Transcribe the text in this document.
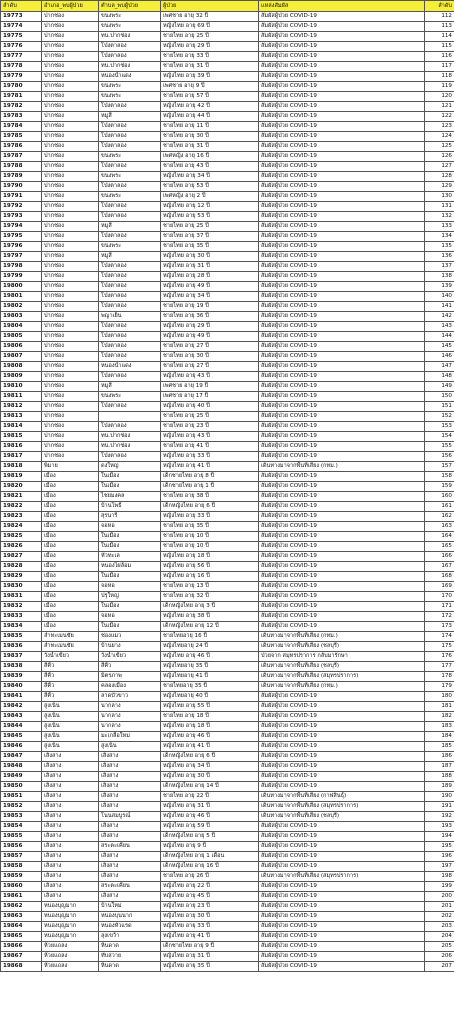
ลำดับ	อำเภอ_พบผู้ป่วย	ตำบล_พบผู้ป่วย	ผู้ป่วย	แหล่งสัมผัส	ลำดับ
19773	ปากช่อง	ขนงพระ	เพศชาย อายุ 32 ปี	สัมผัสผู้ป่วย COVID-19	112
19774	ปากช่อง	ขนงพระ	หญิงไทย อายุ 69 ปี	สัมผัสผู้ป่วย COVID-19	113
19775	ปากช่อง	ทน.ปากช่อง	ชายไทย อายุ 25 ปี	สัมผัสผู้ป่วย COVID-19	114
19776	ปากช่อง	โป่งตาลอง	หญิงไทย อายุ 29 ปี	สัมผัสผู้ป่วย COVID-19	115
19777	ปากช่อง	โป่งตาลอง	ชายไทย อายุ 33 ปี	สัมผัสผู้ป่วย COVID-19	116
19778	ปากช่อง	ทน.ปากช่อง	ชายไทย อายุ 31 ปี	สัมผัสผู้ป่วย COVID-19	117
19779	ปากช่อง	หนองน้ำแดง	หญิงไทย อายุ 39 ปี	สัมผัสผู้ป่วย COVID-19	118
19780	ปากช่อง	ขนงพระ	เพศชาย อายุ 9 ปี	สัมผัสผู้ป่วย COVID-19	119
19781	ปากช่อง	ขนงพระ	ชายไทย อายุ 57 ปี	สัมผัสผู้ป่วย COVID-19	120
19782	ปากช่อง	โป่งตาลอง	หญิงไทย อายุ 42 ปี	สัมผัสผู้ป่วย COVID-19	121
19783	ปากช่อง	หมูสี	หญิงไทย อายุ 44 ปี	สัมผัสผู้ป่วย COVID-19	122
19784	ปากช่อง	โป่งตาลอง	ชายไทย อายุ 11 ปี	สัมผัสผู้ป่วย COVID-19	123
19785	ปากช่อง	โป่งตาลอง	ชายไทย อายุ 30 ปี	สัมผัสผู้ป่วย COVID-19	124
19786	ปากช่อง	โป่งตาลอง	ชายไทย อายุ 31 ปี	สัมผัสผู้ป่วย COVID-19	125
19787	ปากช่อง	ขนงพระ	เพศหญิง อายุ 16 ปี	สัมผัสผู้ป่วย COVID-19	126
19788	ปากช่อง	โป่งตาลอง	ชายไทย อายุ 43 ปี	สัมผัสผู้ป่วย COVID-19	127
19789	ปากช่อง	ขนงพระ	หญิงไทย อายุ 34 ปี	สัมผัสผู้ป่วย COVID-19	128
19790	ปากช่อง	โป่งตาลอง	ชายไทย อายุ 53 ปี	สัมผัสผู้ป่วย COVID-19	129
19791	ปากช่อง	ขนงพระ	เพศหญิง อายุ 2 ปี	สัมผัสผู้ป่วย COVID-19	130
19792	ปากช่อง	โป่งตาลอง	หญิงไทย อายุ 12 ปี	สัมผัสผู้ป่วย COVID-19	131
19793	ปากช่อง	โป่งตาลอง	หญิงไทย อายุ 53 ปี	สัมผัสผู้ป่วย COVID-19	132
19794	ปากช่อง	หมูสี	ชายไทย อายุ 25 ปี	สัมผัสผู้ป่วย COVID-19	133
19795	ปากช่อง	โป่งตาลอง	ชายไทย อายุ 37 ปี	สัมผัสผู้ป่วย COVID-19	134
19796	ปากช่อง	ขนงพระ	ชายไทย อายุ 35 ปี	สัมผัสผู้ป่วย COVID-19	135
19797	ปากช่อง	หมูสี	หญิงไทย อายุ 30 ปี	สัมผัสผู้ป่วย COVID-19	136
19798	ปากช่อง	โป่งตาลอง	หญิงไทย อายุ 31 ปี	สัมผัสผู้ป่วย COVID-19	137
19799	ปากช่อง	โป่งตาลอง	หญิงไทย อายุ 28 ปี	สัมผัสผู้ป่วย COVID-19	138
19800	ปากช่อง	โป่งตาลอง	หญิงไทย อายุ 49 ปี	สัมผัสผู้ป่วย COVID-19	139
19801	ปากช่อง	โป่งตาลอง	หญิงไทย อายุ 34 ปี	สัมผัสผู้ป่วย COVID-19	140
19802	ปากช่อง	โป่งตาลอง	ชายไทย อายุ 19 ปี	สัมผัสผู้ป่วย COVID-19	141
19803	ปากช่อง	พญาเย็น	ชายไทย อายุ 36 ปี	สัมผัสผู้ป่วย COVID-19	142
19804	ปากช่อง	โป่งตาลอง	หญิงไทย อายุ 29 ปี	สัมผัสผู้ป่วย COVID-19	143
19805	ปากช่อง	โป่งตาลอง	หญิงไทย อายุ 49 ปี	สัมผัสผู้ป่วย COVID-19	144
19806	ปากช่อง	โป่งตาลอง	ชายไทย อายุ 27 ปี	สัมผัสผู้ป่วย COVID-19	145
19807	ปากช่อง	โป่งตาลอง	ชายไทย อายุ 30 ปี	สัมผัสผู้ป่วย COVID-19	146
19808	ปากช่อง	หนองน้ำแดง	ชายไทย อายุ 27 ปี	สัมผัสผู้ป่วย COVID-19	147
19809	ปากช่อง	โป่งตาลอง	หญิงไทย อายุ 43 ปี	สัมผัสผู้ป่วย COVID-19	148
19810	ปากช่อง	หมูสี	เพศชาย อายุ 19 ปี	สัมผัสผู้ป่วย COVID-19	149
19811	ปากช่อง	ขนงพระ	เพศชาย อายุ 17 ปี	สัมผัสผู้ป่วย COVID-19	150
19812	ปากช่อง	โป่งตาลอง	หญิงไทย อายุ 40 ปี	สัมผัสผู้ป่วย COVID-19	151
19813	ปากช่อง		ชายไทย อายุ 25 ปี	สัมผัสผู้ป่วย COVID-19	152
19814	ปากช่อง	โป่งตาลอง	ชายไทย อายุ 23 ปี	สัมผัสผู้ป่วย COVID-19	153
19815	ปากช่อง	ทน.ปากช่อง	หญิงไทย อายุ 43 ปี	สัมผัสผู้ป่วย COVID-19	154
19816	ปากช่อง	ทน.ปากช่อง	ชายไทย อายุ 41 ปี	สัมผัสผู้ป่วย COVID-19	155
19817	ปากช่อง	โป่งตาลอง	หญิงไทย อายุ 33 ปี	สัมผัสผู้ป่วย COVID-19	156
19818	พิมาย	ดงใหญ่	หญิงไทย อายุ 41 ปี	เดินทางมาจากพื้นที่เสี่ยง (กทม.)	157
19819	เมือง	ในเมือง	เด็กชายไทย อายุ 8 ปี	สัมผัสผู้ป่วย COVID-19	158
19820	เมือง	ในเมือง	เด็กชายไทย อายุ 1 ปี	สัมผัสผู้ป่วย COVID-19	159
19821	เมือง	ไชยมงคล	ชายไทย อายุ 38 ปี	สัมผัสผู้ป่วย COVID-19	160
19822	เมือง	บ้านโพธิ์	เด็กหญิงไทย อายุ 6 ปี	สัมผัสผู้ป่วย COVID-19	161
19823	เมือง	สุรนารี	หญิงไทย อายุ 33 ปี	สัมผัสผู้ป่วย COVID-19	162
19824	เมือง	จอหอ	ชายไทย อายุ 35 ปี	สัมผัสผู้ป่วย COVID-19	163
19825	เมือง	ในเมือง	ชายไทย อายุ 10 ปี	สัมผัสผู้ป่วย COVID-19	164
19826	เมือง	ในเมือง	ชายไทย อายุ 10 ปี	สัมผัสผู้ป่วย COVID-19	165
19827	เมือง	หัวทะเล	หญิงไทย อายุ 18 ปี	สัมผัสผู้ป่วย COVID-19	166
19828	เมือง	หนองไผ่ล้อม	หญิงไทย อายุ 56 ปี	สัมผัสผู้ป่วย COVID-19	167
19829	เมือง	ในเมือง	หญิงไทย อายุ 16 ปี	สัมผัสผู้ป่วย COVID-19	168
19830	เมือง	จอหอ	ชายไทย อายุ 13 ปี	สัมผัสผู้ป่วย COVID-19	169
19831	เมือง	ปรุใหญ่	ชายไทย อายุ 32 ปี	สัมผัสผู้ป่วย COVID-19	170
19832	เมือง	ในเมือง	เด็กหญิงไทย อายุ 3 ปี	สัมผัสผู้ป่วย COVID-19	171
19833	เมือง	จอหอ	หญิงไทย อายุ 38 ปี	สัมผัสผู้ป่วย COVID-19	172
19834	เมือง	ในเมือง	เด็กหญิงไทย อายุ 12 ปี	สัมผัสผู้ป่วย COVID-19	173
19835	ลำทะเมนชัย	ช่องแมว	ชายไทยอายุ 16 ปี	เดินทางมาจากพื้นที่เสี่ยง (กทม.)	174
19836	ลำทะเมนชัย	บ้านยาง	หญิงไทยอายุ 24 ปี	เดินทางมาจากพื้นที่เสี่ยง (ชลบุรี)	175
19837	วังน้ำเขียว	วังน้ำเขียว	หญิงไทย อายุ 46 ปี	ป่วยจาก สมุทรปราการ กลับมารักษา	176
19838	สีคิ้ว	สีคิ้ว	หญิงไทยอายุ 35 ปี	เดินทางมาจากพื้นที่เสี่ยง (ชลบุรี)	177
19839	สีคิ้ว	มิตรภาพ	หญิงไทยอายุ 41 ปี	เดินทางมาจากพื้นที่เสี่ยง (สมุทรปราการ)	178
19840	สีคิ้ว	คลองเมือง	ชายไทยอายุ 35 ปี	เดินทางมาจากพื้นที่เสี่ยง (กทม.)	179
19841	สีคิ้ว	ลาดบัวขาว	หญิงไทยอายุ 40 ปี	สัมผัสผู้ป่วย COVID-19	180
19842	สูงเนิน	นากลาง	หญิงไทย อายุ 55 ปี	สัมผัสผู้ป่วย COVID-19	181
19843	สูงเนิน	นากลาง	ชายไทย อายุ 18 ปี	สัมผัสผู้ป่วย COVID-19	182
19844	สูงเนิน	นากลาง	หญิงไทย อายุ 18 ปี	สัมผัสผู้ป่วย COVID-19	183
19845	สูงเนิน	มะเกลือใหม่	หญิงไทย อายุ 46 ปี	สัมผัสผู้ป่วย COVID-19	184
19846	สูงเนิน	สูงเนิน	หญิงไทย อายุ 41 ปี	สัมผัสผู้ป่วย COVID-19	185
19847	เสิงสาง	เสิงสาง	เด็กหญิงไทย อายุ 6 ปี	สัมผัสผู้ป่วย COVID-19	186
19848	เสิงสาง	เสิงสาง	หญิงไทย อายุ 34 ปี	สัมผัสผู้ป่วย COVID-19	187
19849	เสิงสาง	เสิงสาง	หญิงไทย อายุ 30 ปี	สัมผัสผู้ป่วย COVID-19	188
19850	เสิงสาง	เสิงสาง	เด็กหญิงไทย อายุ 14 ปี	สัมผัสผู้ป่วย COVID-19	189
19851	เสิงสาง	เสิงสาง	ชายไทย อายุ 22 ปี	เดินทางมาจากพื้นที่เสี่ยง (กาฬสินธุ์)	190
19852	เสิงสาง	เสิงสาง	หญิงไทย อายุ 31 ปี	เดินทางมาจากพื้นที่เสี่ยง (สมุทรปราการ)	191
19853	เสิงสาง	โนนสมบูรณ์	หญิงไทย อายุ 46 ปี	เดินทางมาจากพื้นที่เสี่ยง (ชลบุรี)	192
19854	เสิงสาง	เสิงสาง	หญิงไทย อายุ 59 ปี	สัมผัสผู้ป่วย COVID-19	193
19855	เสิงสาง	เสิงสาง	เด็กหญิงไทย อายุ 5 ปี	สัมผัสผู้ป่วย COVID-19	194
19856	เสิงสาง	สระตะเคียน	หญิงไทย อายุ 9 ปี	สัมผัสผู้ป่วย COVID-19	195
19857	เสิงสาง	เสิงสาง	เด็กหญิงไทย อายุ 1 เดือน	สัมผัสผู้ป่วย COVID-19	196
19858	เสิงสาง	เสิงสาง	เด็กหญิงไทย อายุ 16 ปี	สัมผัสผู้ป่วย COVID-19	197
19859	เสิงสาง	เสิงสาง	ชายไทย อายุ 26 ปี	เดินทางมาจากพื้นที่เสี่ยง (สมุทรปราการ)	198
19860	เสิงสาง	สระตะเคียน	หญิงไทย อายุ 22 ปี	สัมผัสผู้ป่วย COVID-19	199
19861	เสิงสาง	เสิงสาง	หญิงไทย อายุ 45 ปี	สัมผัสผู้ป่วย COVID-19	200
19862	หนองบุญมาก	บ้านใหม่	หญิงไทย อายุ 23 ปี	สัมผัสผู้ป่วย COVID-19	201
19863	หนองบุญมาก	หนองบุนนาก	หญิงไทย อายุ 30 ปี	สัมผัสผู้ป่วย COVID-19	202
19864	หนองบุญมาก	หนองหัวแรด	หญิงไทย อายุ 33 ปี	สัมผัสผู้ป่วย COVID-19	203
19865	หนองบุญมาก	ลุงเขว้า	หญิงไทย อายุ 41 ปี	สัมผัสผู้ป่วย COVID-19	204
19866	ห้วยแถลง	หินดาด	เด็กชายไทย อายุ 9 ปี	สัมผัสผู้ป่วย COVID-19	205
19867	ห้วยแถลง	ทับสวาย	หญิงไทย อายุ 31 ปี	สัมผัสผู้ป่วย COVID-19	206
19868	ห้วยแถลง	หินดาด	หญิงไทย อายุ 35 ปี	สัมผัสผู้ป่วย COVID-19	207
